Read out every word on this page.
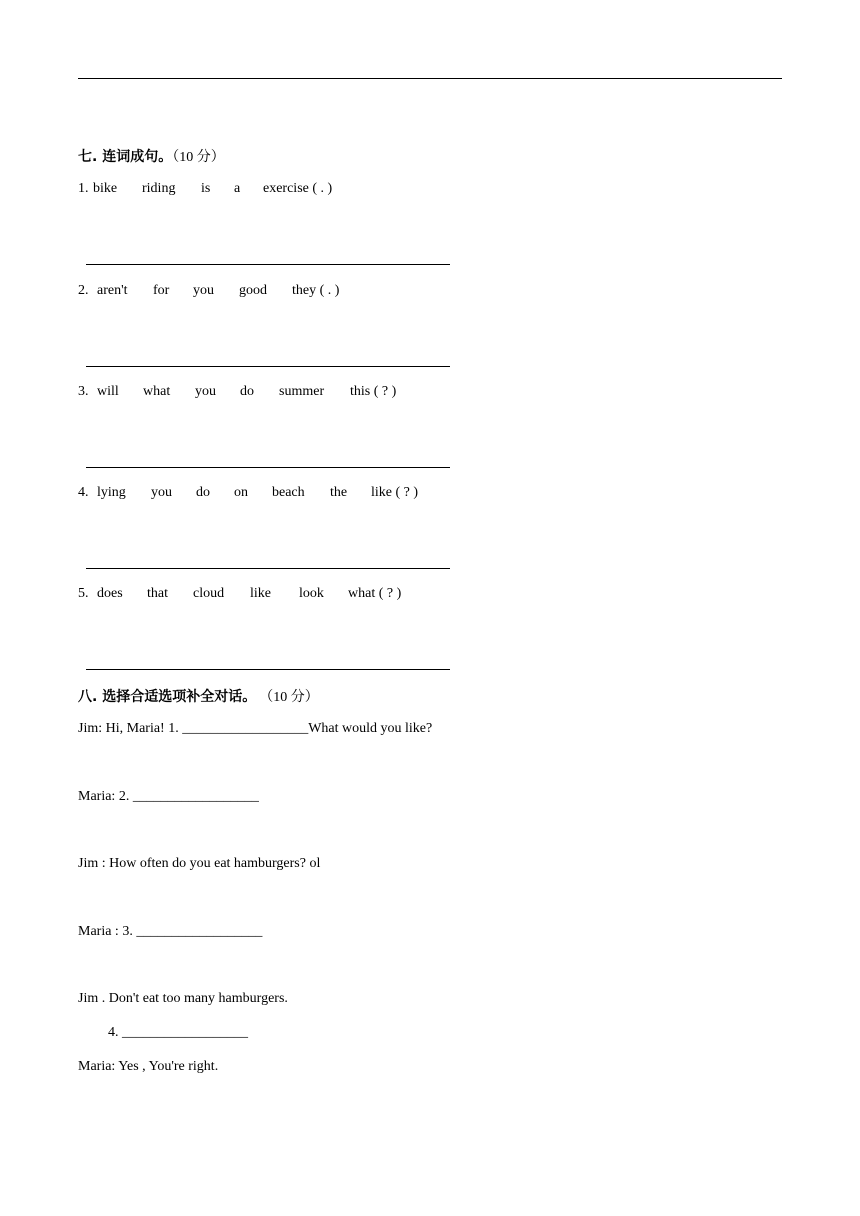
七. 连词成句。（10 分）
1. bike riding is a exercise ( . )
2. aren't for you good they ( . )
3. will what you do summer this ( ? )
4. lying you do on beach the like ( ? )
5. does that cloud like look what ( ? )
八. 选择合适选项补全对话。 （10 分）
Jim: Hi, Maria! 1. __________________What would you like?
Maria: 2. __________________
Jim : How often do you eat hamburgers? ol
Maria : 3. __________________
Jim . Don't eat too many hamburgers.
4. __________________
Maria: Yes , You're right.
